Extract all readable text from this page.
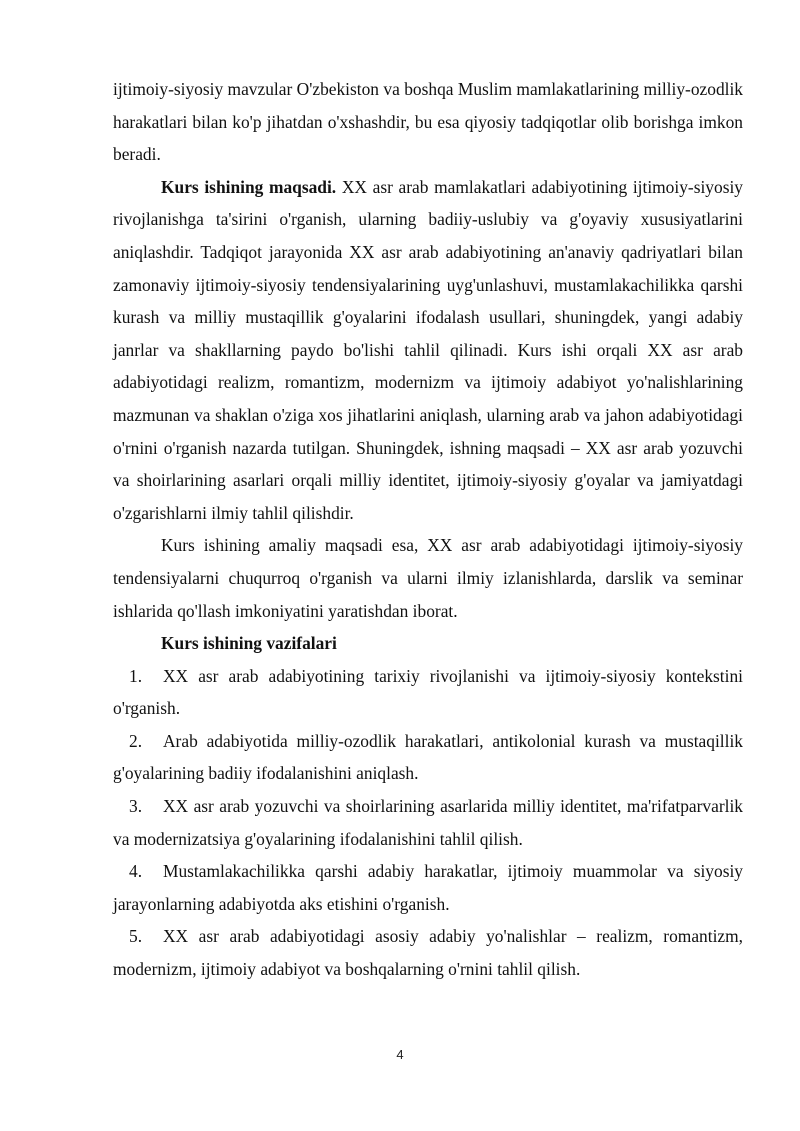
ijtimoiy-siyosiy mavzular O'zbekiston va boshqa Muslim mamlakatlarining milliy-ozodlik harakatlari bilan ko'p jihatdan o'xshashdir, bu esa qiyosiy tadqiqotlar olib borishga imkon beradi.

Kurs ishining maqsadi. XX asr arab mamlakatlari adabiyotining ijtimoiy-siyosiy rivojlanishga ta'sirini o'rganish, ularning badiiy-uslubiy va g'oyaviy xususiyatlarini aniqlashdir. Tadqiqot jarayonida XX asr arab adabiyotining an'anaviy qadriyatlari bilan zamonaviy ijtimoiy-siyosiy tendensiyalarining uyg'unlashuvi, mustamlakachilikka qarshi kurash va milliy mustaqillik g'oyalarini ifodalash usullari, shuningdek, yangi adabiy janrlar va shakllarning paydo bo'lishi tahlil qilinadi. Kurs ishi orqali XX asr arab adabiyotidagi realizm, romantizm, modernizm va ijtimoiy adabiyot yo'nalishlarining mazmunan va shaklan o'ziga xos jihatlarini aniqlash, ularning arab va jahon adabiyotidagi o'rnini o'rganish nazarda tutilgan. Shuningdek, ishning maqsadi – XX asr arab yozuvchi va shoirlarining asarlari orqali milliy identitet, ijtimoiy-siyosiy g'oyalar va jamiyatdagi o'zgarishlarni ilmiy tahlil qilishdir.

Kurs ishining amaliy maqsadi esa, XX asr arab adabiyotidagi ijtimoiy-siyosiy tendensiyalarni chuqurroq o'rganish va ularni ilmiy izlanishlarda, darslik va seminar ishlarida qo'llash imkoniyatini yaratishdan iborat.

Kurs ishining vazifalari

1. XX asr arab adabiyotining tarixiy rivojlanishi va ijtimoiy-siyosiy kontekstini o'rganish.

2. Arab adabiyotida milliy-ozodlik harakatlari, antikolonial kurash va mustaqillik g'oyalarining badiiy ifodalanishini aniqlash.

3. XX asr arab yozuvchi va shoirlarining asarlarida milliy identitet, ma'rifatparvarlik va modernizatsiya g'oyalarining ifodalanishini tahlil qilish.

4. Mustamlakachilikka qarshi adabiy harakatlar, ijtimoiy muammolar va siyosiy jarayonlarning adabiyotda aks etishini o'rganish.

5. XX asr arab adabiyotidagi asosiy adabiy yo'nalishlar – realizm, romantizm, modernizm, ijtimoiy adabiyot va boshqalarning o'rnini tahlil qilish.

4
